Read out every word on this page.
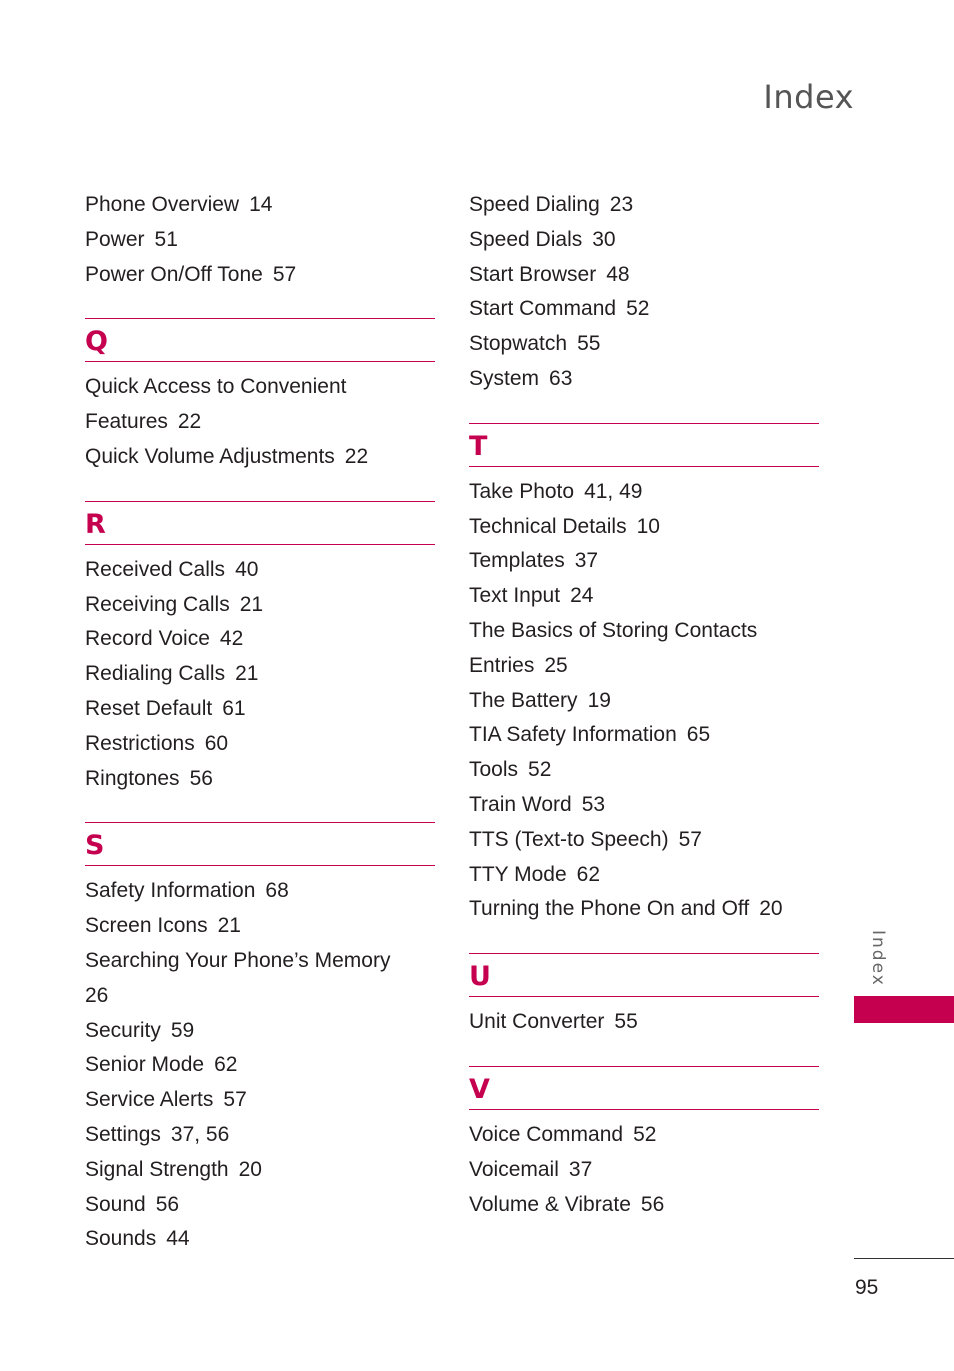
Index
Phone Overview 14
Power 51
Power On/Off Tone 57
Q
Quick Access to Convenient
Features 22
Quick Volume Adjustments 22
R
Received Calls 40
Receiving Calls 21
Record Voice 42
Redialing Calls 21
Reset Default 61
Restrictions 60
Ringtones 56
S
Safety Information 68
Screen Icons 21
Searching Your Phone’s Memory
26
Security 59
Senior Mode 62
Service Alerts 57
Settings 37, 56
Signal Strength 20
Sound 56
Sounds 44
Speed Dialing 23
Speed Dials 30
Start Browser 48
Start Command 52
Stopwatch 55
System 63
T
Take Photo 41, 49
Technical Details 10
Templates 37
Text Input 24
The Basics of Storing Contacts
Entries 25
The Battery 19
TIA Safety Information 65
Tools 52
Train Word 53
TTS (Text-to Speech) 57
TTY Mode 62
Turning the Phone On and Off 20
U
Unit Converter 55
V
Voice Command 52
Voicemail 37
Volume & Vibrate 56
Index
95
